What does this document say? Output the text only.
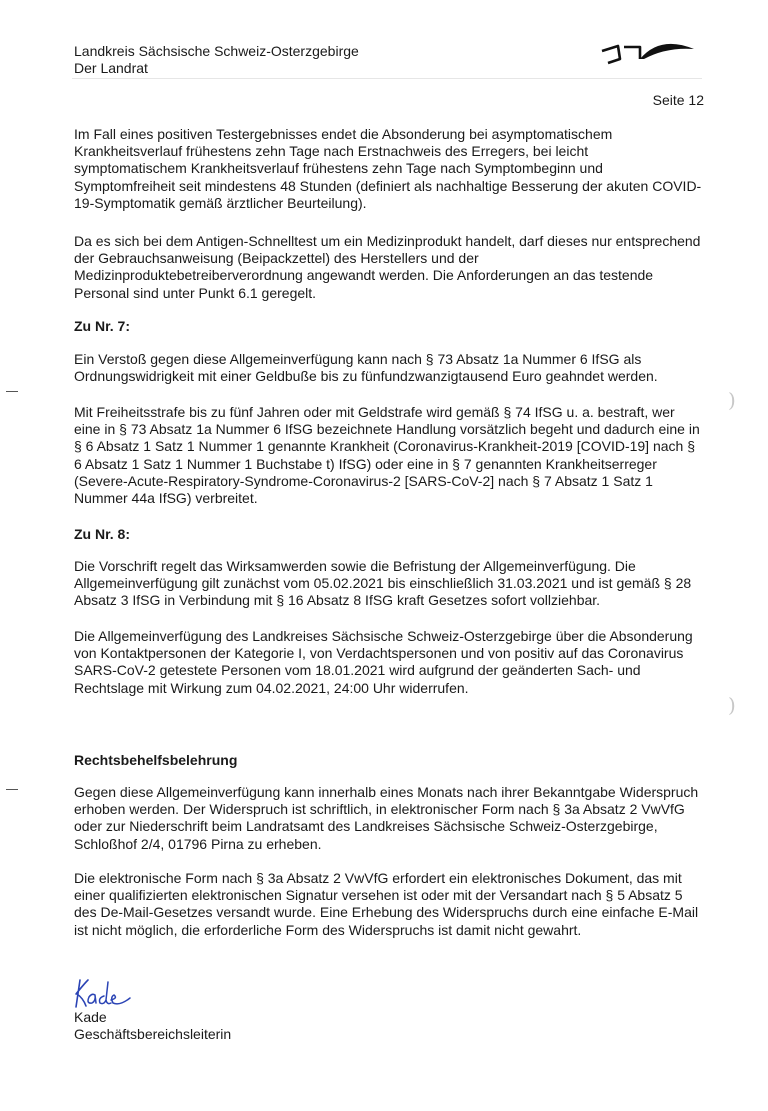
Landkreis Sächsische Schweiz-Osterzgebirge
Der Landrat
Seite 12

Im Fall eines positiven Testergebnisses endet die Absonderung bei asymptomatischem Krankheitsverlauf frühestens zehn Tage nach Erstnachweis des Erregers, bei leicht symptomatischem Krankheitsverlauf frühestens zehn Tage nach Symptombeginn und Symptomfreiheit seit mindestens 48 Stunden (definiert als nachhaltige Besserung der akuten COVID-19-Symptomatik gemäß ärztlicher Beurteilung).

Da es sich bei dem Antigen-Schnelltest um ein Medizinprodukt handelt, darf dieses nur entsprechend der Gebrauchsanweisung (Beipackzettel) des Herstellers und der Medizinproduktebetreiberverordnung angewandt werden. Die Anforderungen an das testende Personal sind unter Punkt 6.1 geregelt.

Zu Nr. 7:

Ein Verstoß gegen diese Allgemeinverfügung kann nach § 73 Absatz 1a Nummer 6 IfSG als Ordnungswidrigkeit mit einer Geldbuße bis zu fünfundzwanzigtausend Euro geahndet werden.

Mit Freiheitsstrafe bis zu fünf Jahren oder mit Geldstrafe wird gemäß § 74 IfSG u. a. bestraft, wer eine in § 73 Absatz 1a Nummer 6 IfSG bezeichnete Handlung vorsätzlich begeht und dadurch eine in § 6 Absatz 1 Satz 1 Nummer 1 genannte Krankheit (Coronavirus-Krankheit-2019 [COVID-19] nach § 6 Absatz 1 Satz 1 Nummer 1 Buchstabe t) IfSG) oder eine in § 7 genannten Krankheitserreger (Severe-Acute-Respiratory-Syndrome-Coronavirus-2 [SARS-CoV-2] nach § 7 Absatz 1 Satz 1 Nummer 44a IfSG) verbreitet.

Zu Nr. 8:

Die Vorschrift regelt das Wirksamwerden sowie die Befristung der Allgemeinverfügung. Die Allgemeinverfügung gilt zunächst vom 05.02.2021 bis einschließlich 31.03.2021 und ist gemäß § 28 Absatz 3 IfSG in Verbindung mit § 16 Absatz 8 IfSG kraft Gesetzes sofort vollziehbar.

Die Allgemeinverfügung des Landkreises Sächsische Schweiz-Osterzgebirge über die Absonderung von Kontaktpersonen der Kategorie I, von Verdachtspersonen und von positiv auf das Coronavirus SARS-CoV-2 getestete Personen vom 18.01.2021 wird aufgrund der geänderten Sach- und Rechtslage mit Wirkung zum 04.02.2021, 24:00 Uhr widerrufen.

Rechtsbehelfsbelehrung

Gegen diese Allgemeinverfügung kann innerhalb eines Monats nach ihrer Bekanntgabe Widerspruch erhoben werden. Der Widerspruch ist schriftlich, in elektronischer Form nach § 3a Absatz 2 VwVfG oder zur Niederschrift beim Landratsamt des Landkreises Sächsische Schweiz-Osterzgebirge, Schloßhof 2/4, 01796 Pirna zu erheben.

Die elektronische Form nach § 3a Absatz 2 VwVfG erfordert ein elektronisches Dokument, das mit einer qualifizierten elektronischen Signatur versehen ist oder mit der Versandart nach § 5 Absatz 5 des De-Mail-Gesetzes versandt wurde. Eine Erhebung des Widerspruchs durch eine einfache E-Mail ist nicht möglich, die erforderliche Form des Widerspruchs ist damit nicht gewahrt.

Kade
Geschäftsbereichsleiterin
)
)
